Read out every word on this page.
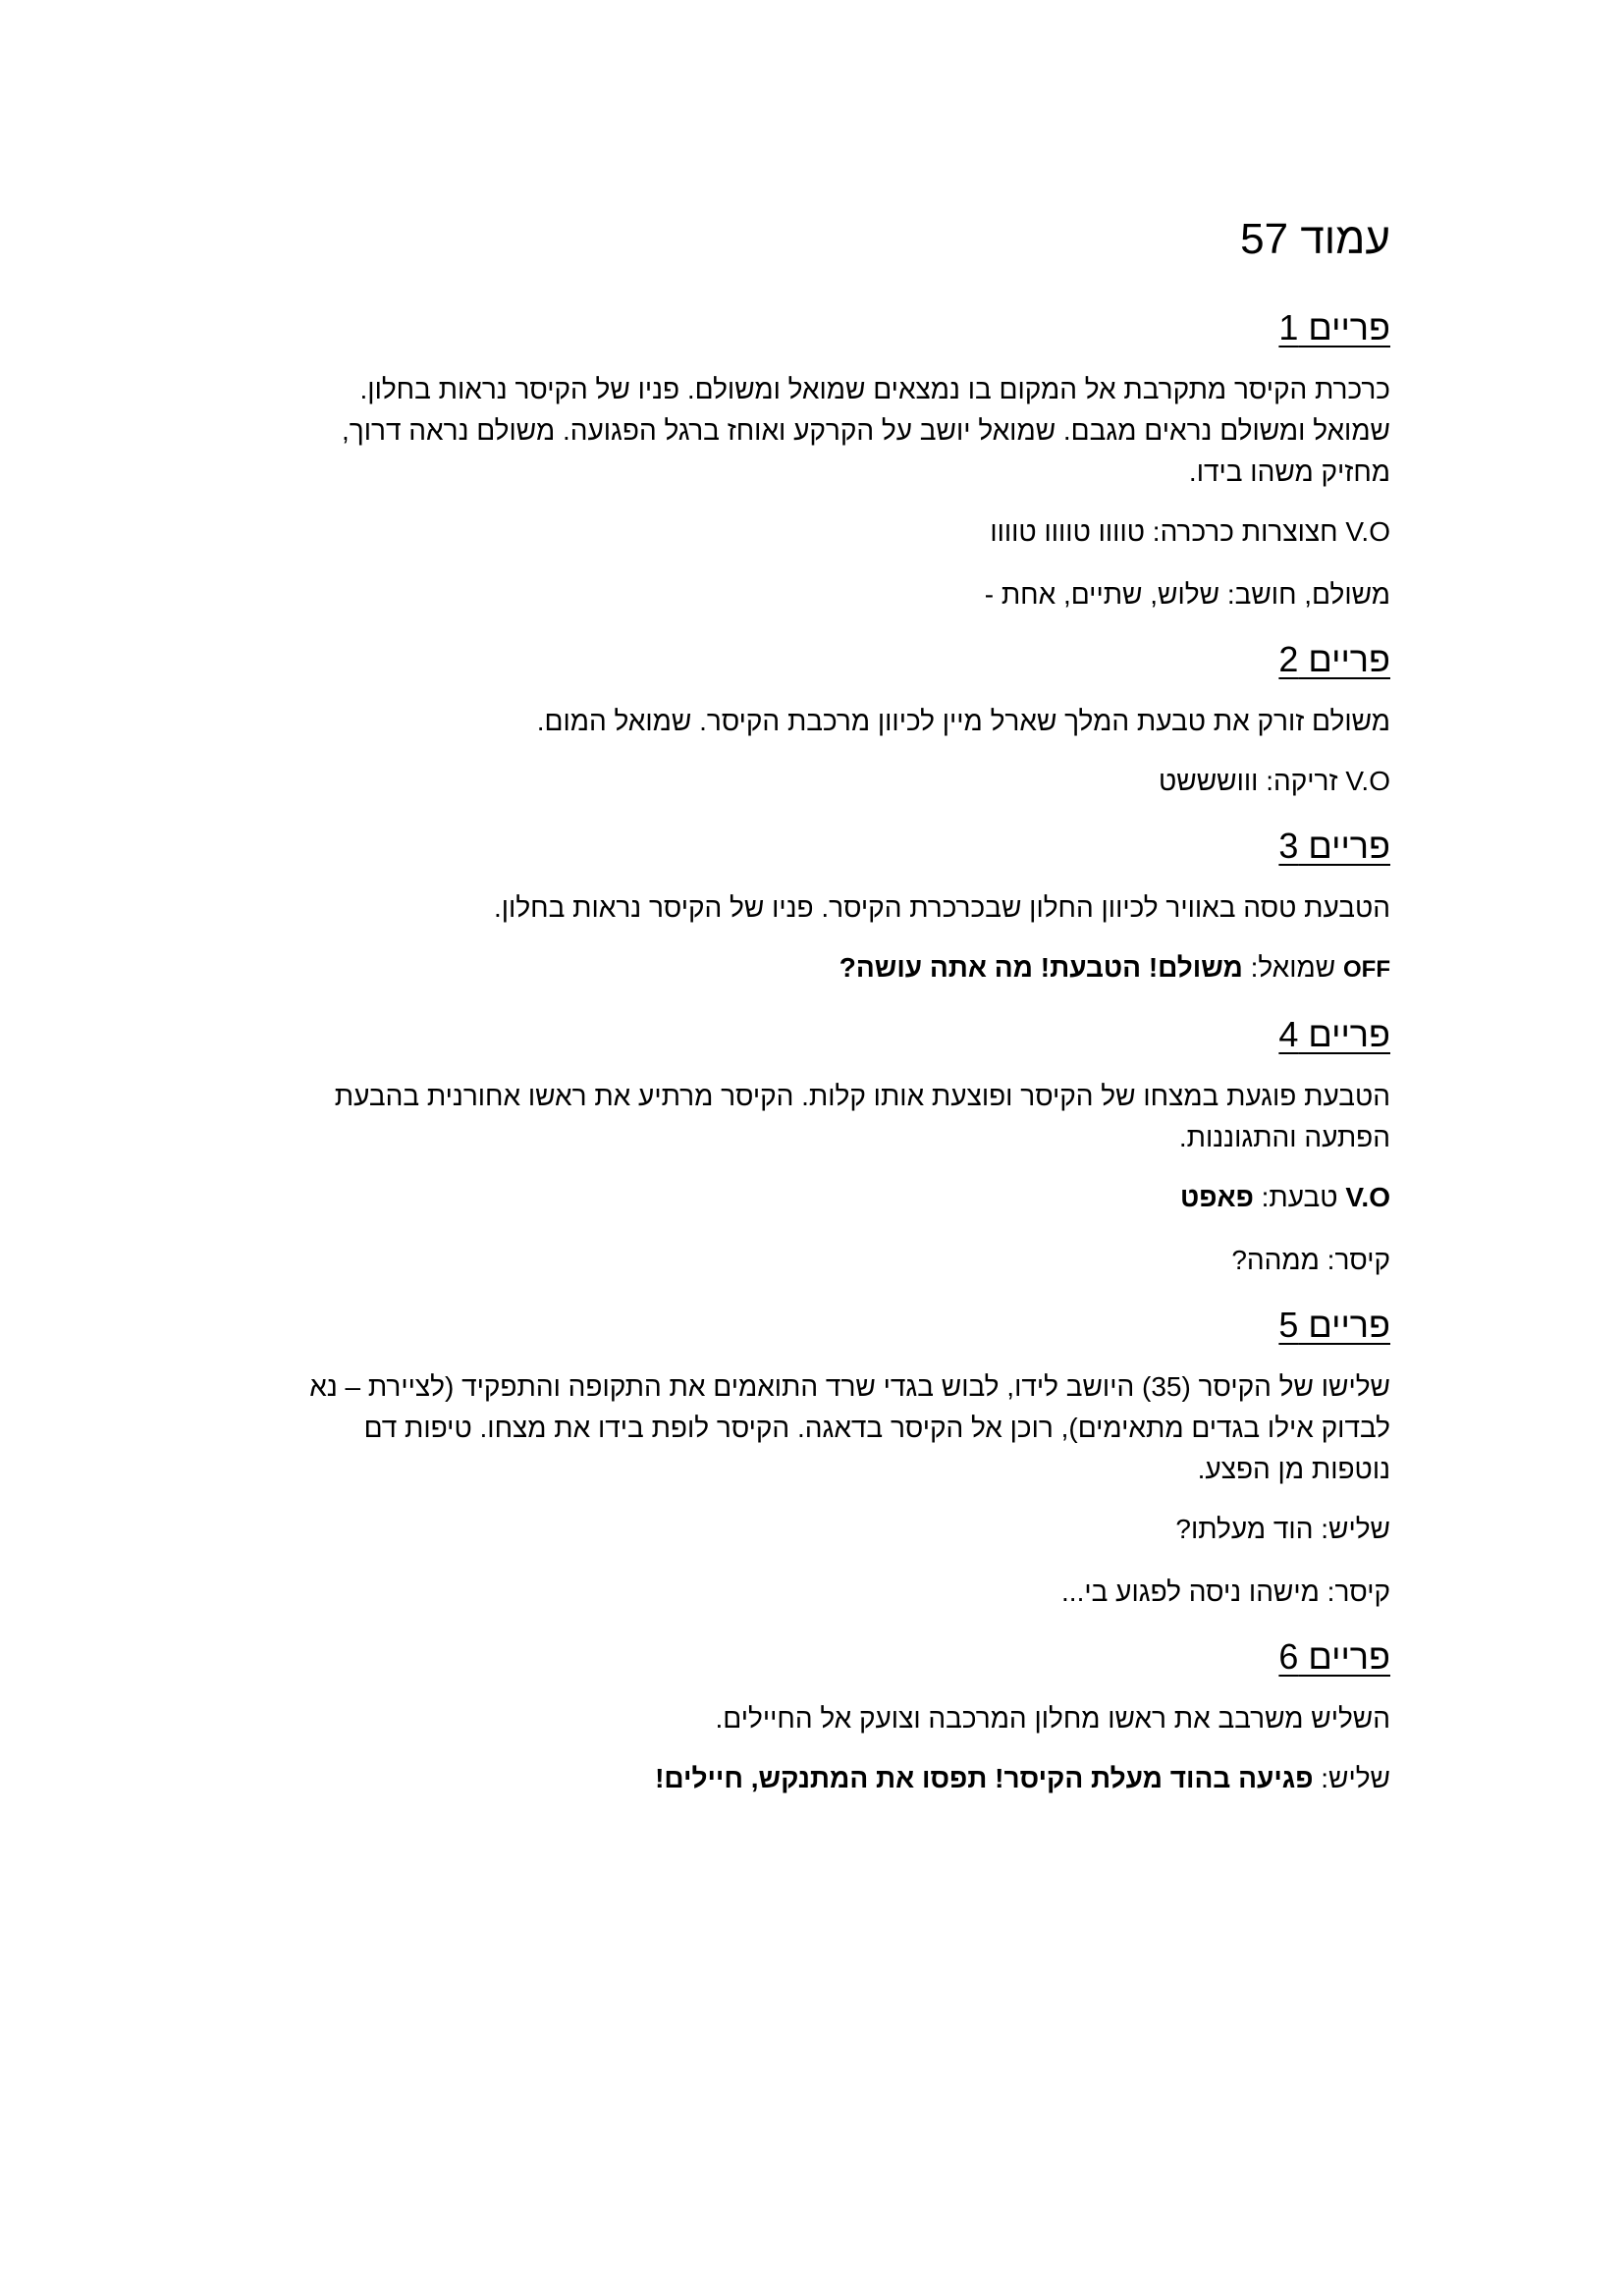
עמוד 57
פריים 1

כרכרת הקיסר מתקרבת אל המקום בו נמצאים שמואל ומשולם. פניו של הקיסר נראות בחלון. שמואל ומשולם נראים מגבם. שמואל יושב על הקרקע ואוחז ברגל הפגועה. משולם נראה דרוך, מחזיק משהו בידו.

V.O חצוצרות כרכרה: טוווו טוווו טוווו

משולם, חושב: שלוש, שתיים, אחת -

פריים 2

משולם זורק את טבעת המלך שארל מיין לכיוון מרכבת הקיסר. שמואל המום.

V.O זריקה: ווושששט

פריים 3

הטבעת טסה באוויר לכיוון החלון שבכרכרת הקיסר. פניו של הקיסר נראות בחלון.

OFF שמואל: משולם! הטבעת! מה אתה עושה?

פריים 4

הטבעת פוגעת במצחו של הקיסר ופוצעת אותו קלות. הקיסר מרתיע את ראשו אחורנית בהבעת הפתעה והתגוננות.

V.O טבעת: פאפט

קיסר: ממהה?

פריים 5

שלישו של הקיסר (35) היושב לידו, לבוש בגדי שרד התואמים את התקופה והתפקיד (לציירת – נא לבדוק אילו בגדים מתאימים), רוכן אל הקיסר בדאגה. הקיסר לופת בידו את מצחו. טיפות דם נוטפות מן הפצע.

שליש: הוד מעלתו?

קיסר: מישהו ניסה לפגוע בי...

פריים 6

השליש משרבב את ראשו מחלון המרכבה וצועק אל החיילים.

שליש: פגיעה בהוד מעלת הקיסר! תפסו את המתנקש, חיילים!
